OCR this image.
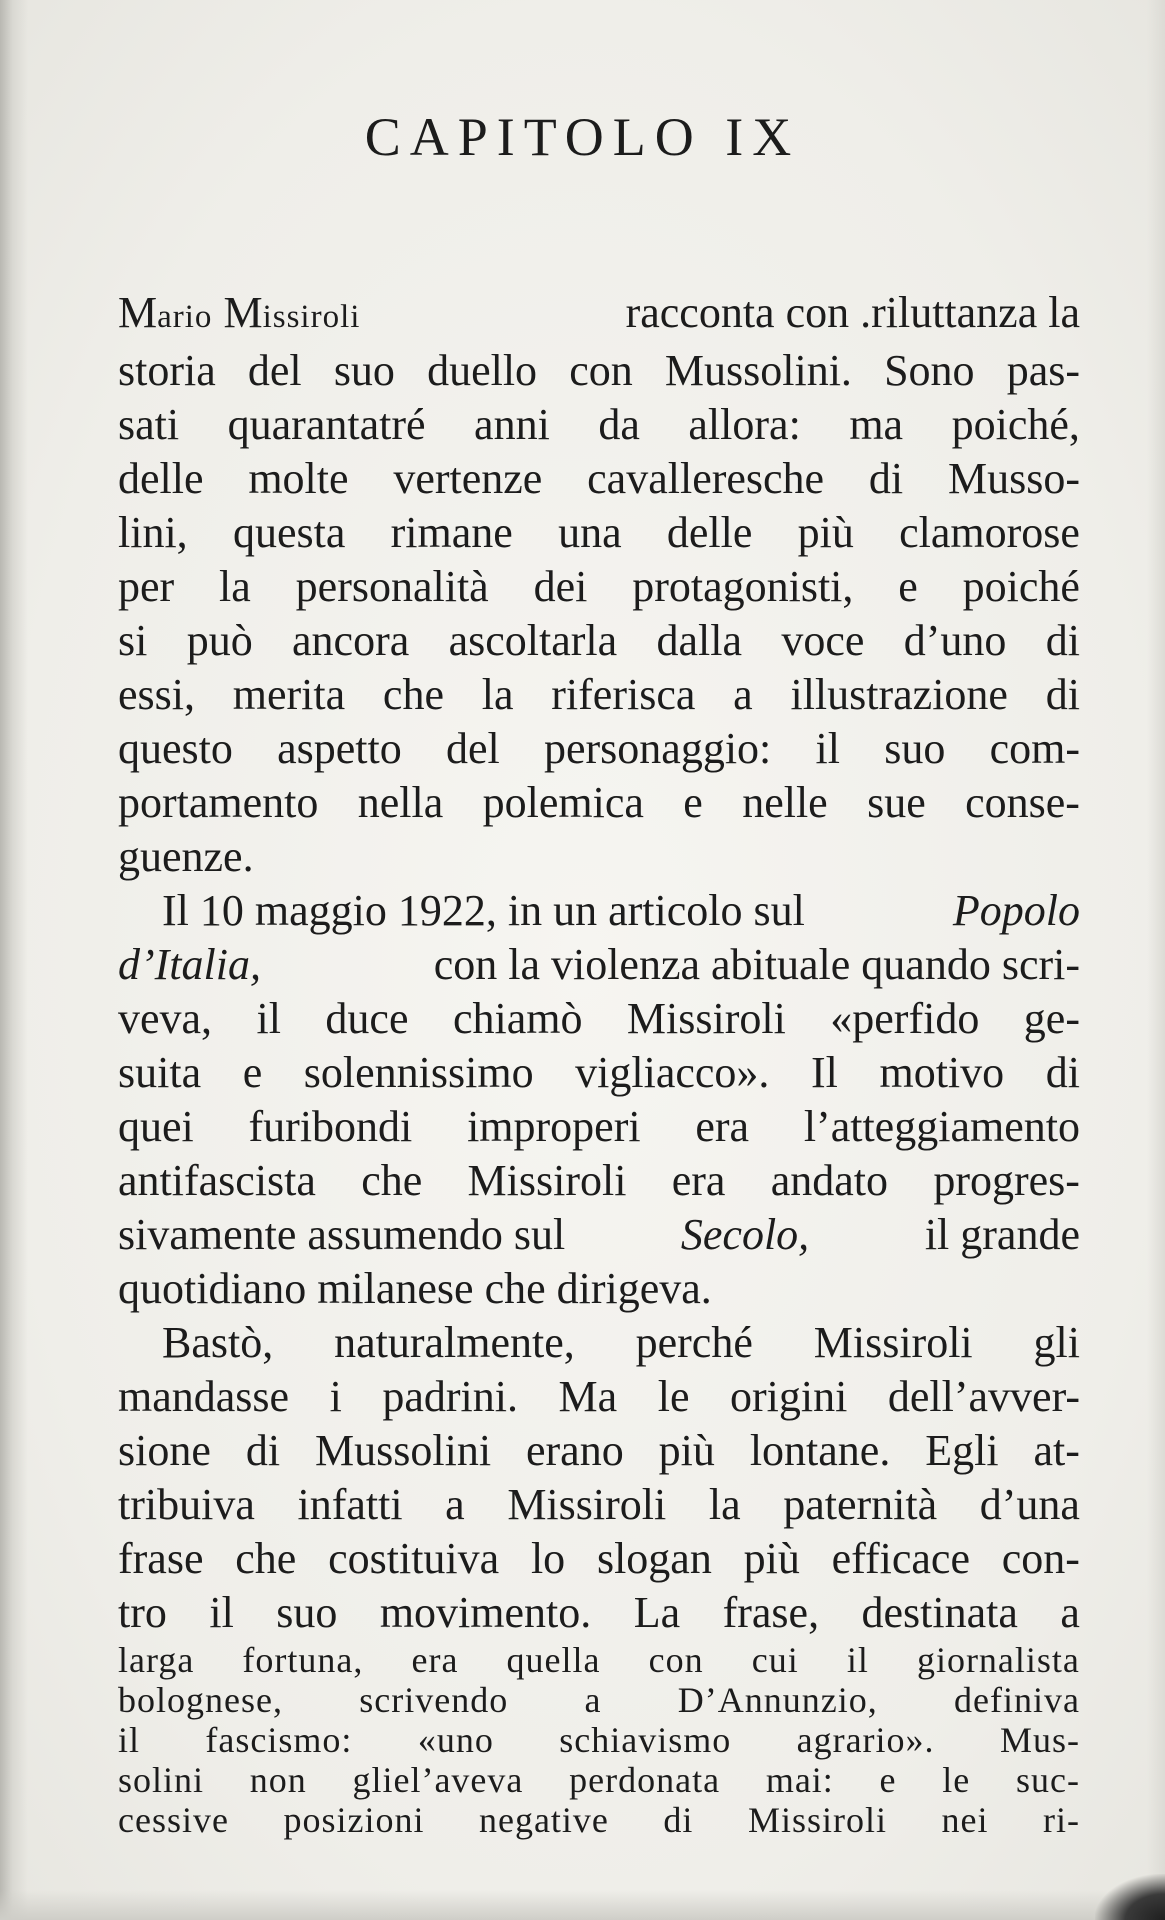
CAPITOLO IX
Mario Missiroli	racconta con .riluttanza la
storia del suo duello con Mussolini. Sono pas-
sati quarantatré anni da allora: ma poiché,
delle molte vertenze cavalleresche di Musso-
lini, questa rimane una delle più clamorose
per la personalità dei protagonisti, e poiché
si può ancora ascoltarla dalla voce d’uno di
essi, merita che la riferisca a illustrazione di
questo aspetto del personaggio: il suo com-
portamento nella polemica e nelle sue conse-
guenze.
Il 10 maggio 1922, in un articolo sul	Popolo
d’Italia,	con la violenza abituale quando scri-
veva, il duce chiamò Missiroli «perfido ge-
suita e solennissimo vigliacco». Il motivo di
quei furibondi improperi era l’atteggiamento
antifascista che Missiroli era andato progres-
sivamente assumendo sul	Secolo,	il grande
quotidiano milanese che dirigeva.
Bastò, naturalmente, perché Missiroli gli
mandasse i padrini. Ma le origini dell’avver-
sione di Mussolini erano più lontane. Egli at-
tribuiva infatti a Missiroli la paternità d’una
frase che costituiva lo slogan più efficace con-
tro il suo movimento. La frase, destinata a
larga fortuna, era quella con cui il giornalista
bolognese, scrivendo a D’Annunzio, definiva
il fascismo: «uno schiavismo agrario». Mus-
solini non gliel’aveva perdonata mai: e le suc-
cessive posizioni negative di Missiroli nei ri-
